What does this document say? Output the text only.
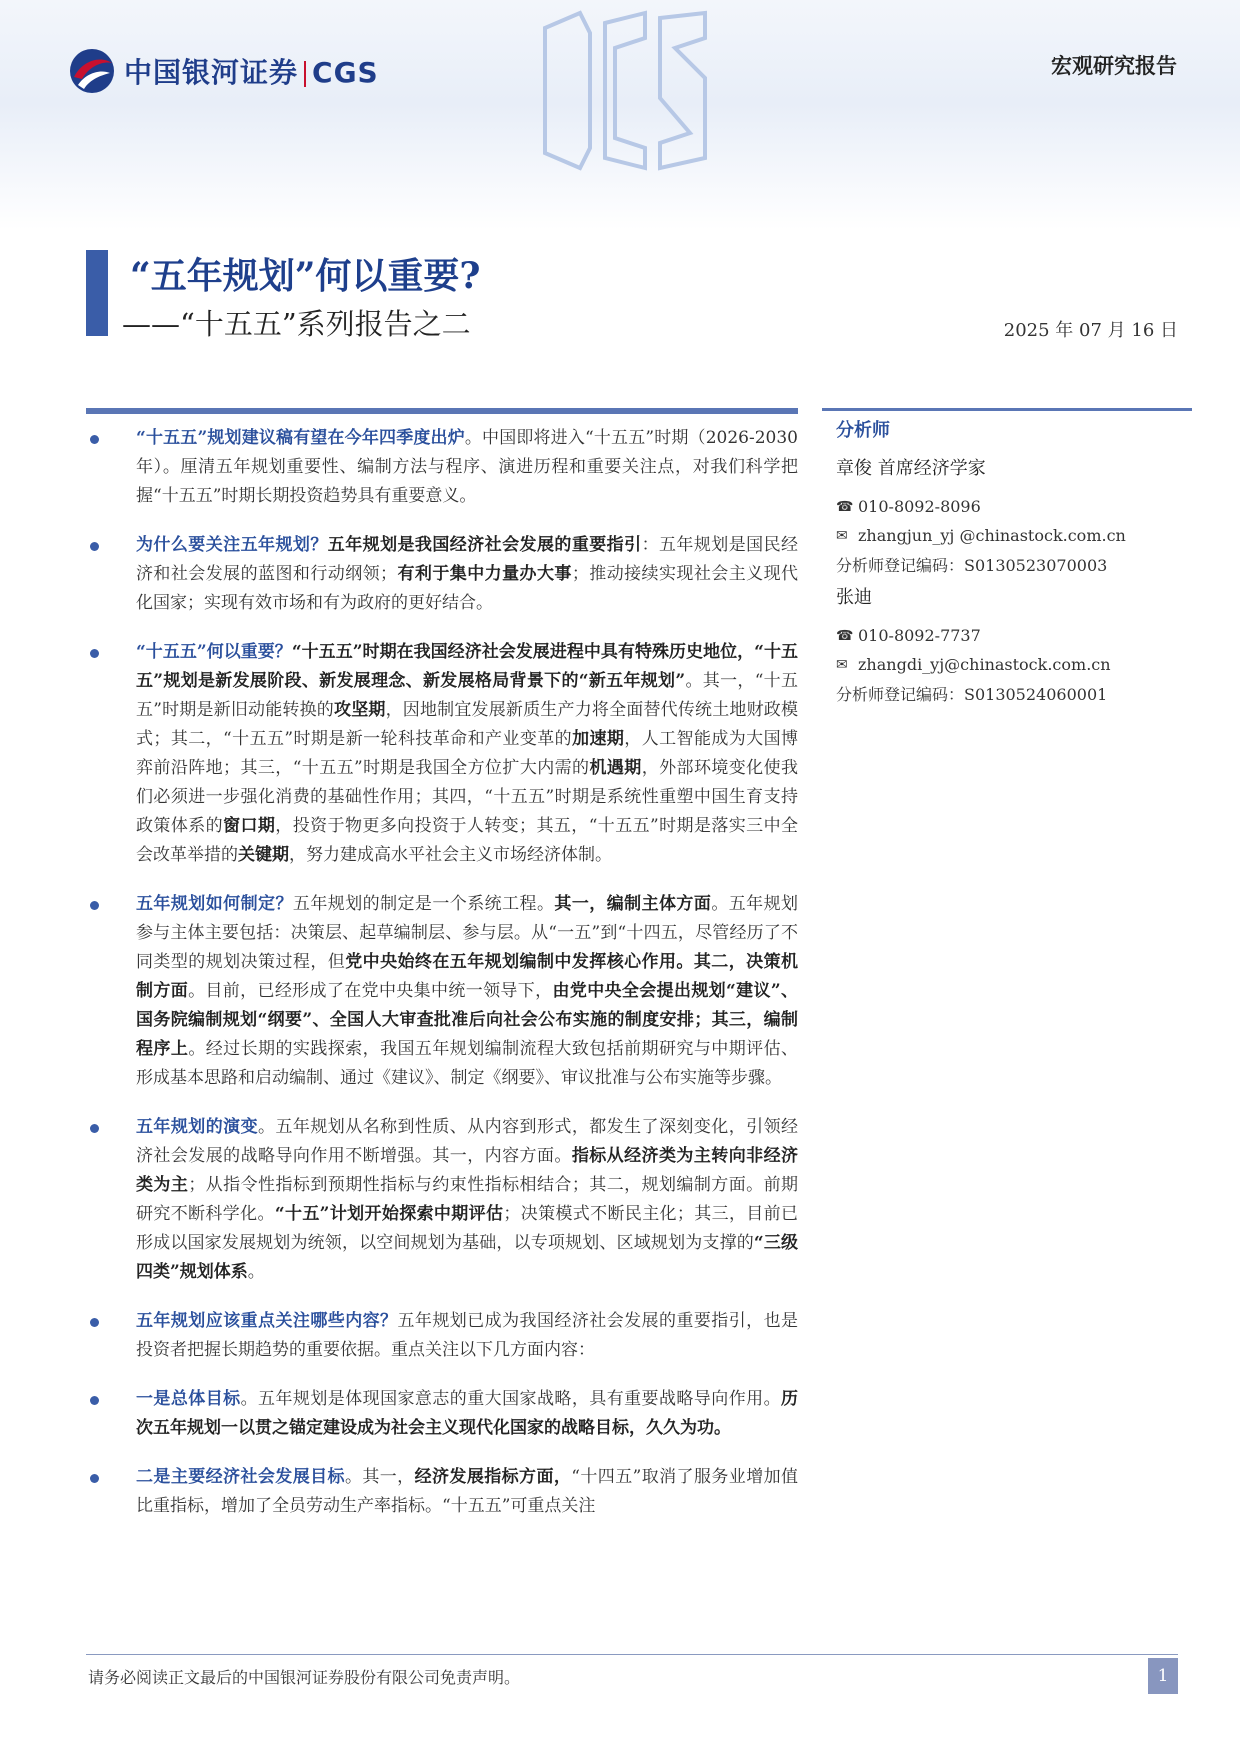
中国银河证券 CGS	宏观研究报告
“五年规划”何以重要?
——“十五五”系列报告之二	2025 年 07 月 16 日
“十五五”规划建议稿有望在今年四季度出炉。中国即将进入“十五五”时期（2026-2030 年）。厘清五年规划重要性、编制方法与程序、演进历程和重要关注点，对我们科学把握“十五五”时期长期投资趋势具有重要意义。
为什么要关注五年规划？五年规划是我国经济社会发展的重要指引：五年规划是国民经济和社会发展的蓝图和行动纲领；有利于集中力量办大事；推动接续实现社会主义现代化国家；实现有效市场和有为政府的更好结合。
“十五五”何以重要？“十五五”时期在我国经济社会发展进程中具有特殊历史地位，“十五五”规划是新发展阶段、新发展理念、新发展格局背景下的“新五年规划”。其一，“十五五”时期是新旧动能转换的攻坚期，因地制宜发展新质生产力将全面替代传统土地财政模式；其二，“十五五”时期是新一轮科技革命和产业变革的加速期，人工智能成为大国博弈前沿阵地；其三，“十五五”时期是我国全方位扩大内需的机遇期，外部环境变化使我们必须进一步强化消费的基础性作用；其四，“十五五”时期是系统性重塑中国生育支持政策体系的窗口期，投资于物更多向投资于人转变；其五，“十五五”时期是落实三中全会改革举措的关键期，努力建成高水平社会主义市场经济体制。
五年规划如何制定？五年规划的制定是一个系统工程。其一，编制主体方面。五年规划参与主体主要包括：决策层、起草编制层、参与层。从“一五”到“十四五，尽管经历了不同类型的规划决策过程，但党中央始终在五年规划编制中发挥核心作用。其二，决策机制方面。目前，已经形成了在党中央集中统一领导下，由党中央全会提出规划“建议”、国务院编制规划“纲要”、全国人大审查批准后向社会公布实施的制度安排；其三，编制程序上。经过长期的实践探索，我国五年规划编制流程大致包括前期研究与中期评估、形成基本思路和启动编制、通过《建议》、制定《纲要》、审议批准与公布实施等步骤。
五年规划的演变。五年规划从名称到性质、从内容到形式，都发生了深刻变化，引领经济社会发展的战略导向作用不断增强。其一，内容方面。指标从经济类为主转向非经济类为主；从指令性指标到预期性指标与约束性指标相结合；其二，规划编制方面。前期研究不断科学化。“十五”计划开始探索中期评估；决策模式不断民主化；其三，目前已形成以国家发展规划为统领，以空间规划为基础，以专项规划、区域规划为支撑的“三级四类”规划体系。
五年规划应该重点关注哪些内容？五年规划已成为我国经济社会发展的重要指引，也是投资者把握长期趋势的重要依据。重点关注以下几方面内容：
一是总体目标。五年规划是体现国家意志的重大国家战略，具有重要战略导向作用。历次五年规划一以贯之锚定建设成为社会主义现代化国家的战略目标，久久为功。
二是主要经济社会发展目标。其一，经济发展指标方面，“十四五”取消了服务业增加值比重指标，增加了全员劳动生产率指标。“十五五”可重点关注
分析师
章俊 首席经济学家
☎ 010-8092-8096
✉ zhangjun_yj @chinastock.com.cn
分析师登记编码：S0130523070003
张迪
☎ 010-8092-7737
✉ zhangdi_yj@chinastock.com.cn
分析师登记编码：S0130524060001
请务必阅读正文最后的中国银河证券股份有限公司免责声明。	1
